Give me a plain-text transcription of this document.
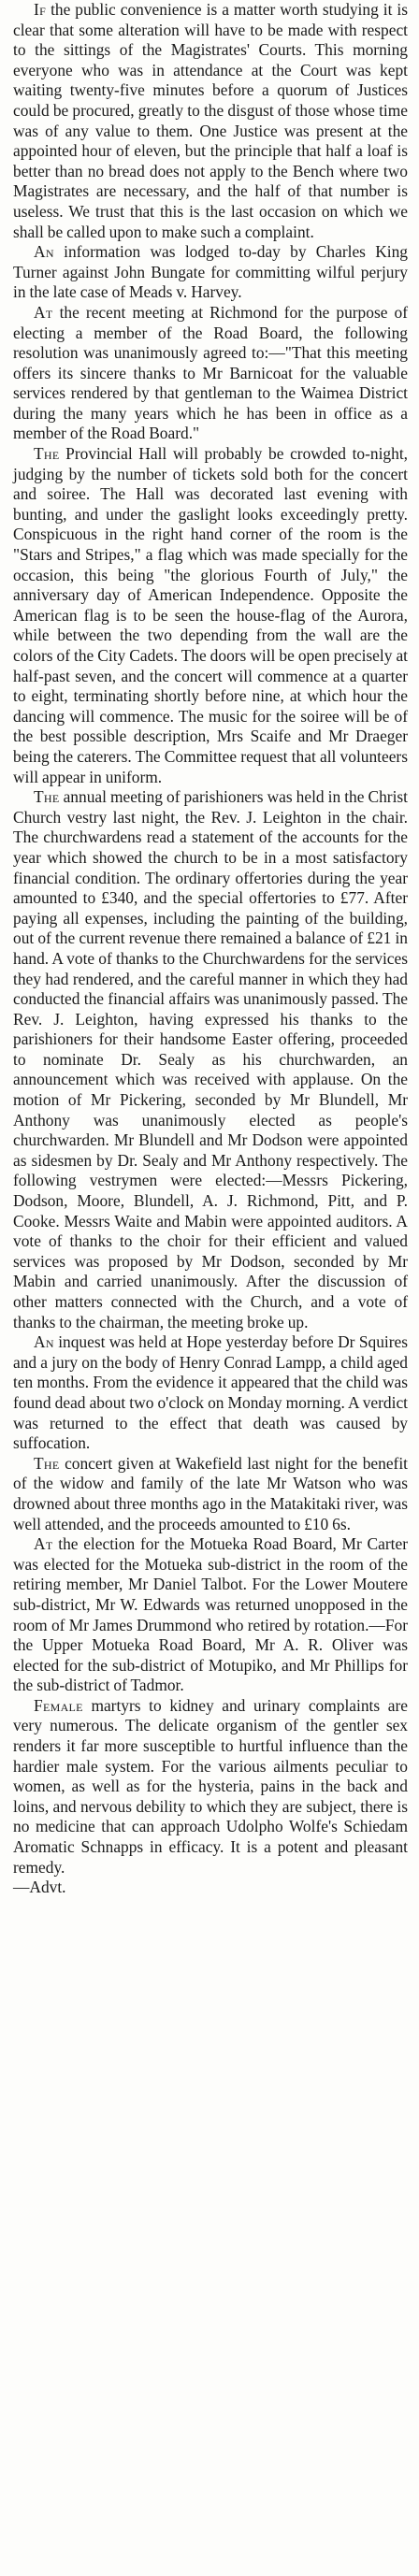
If the public convenience is a matter worth studying it is clear that some alteration will have to be made with respect to the sittings of the Magistrates' Courts. This morning everyone who was in attendance at the Court was kept waiting twenty-five minutes before a quorum of Justices could be procured, greatly to the disgust of those whose time was of any value to them. One Justice was present at the appointed hour of eleven, but the principle that half a loaf is better than no bread does not apply to the Bench where two Magistrates are necessary, and the half of that number is useless. We trust that this is the last occasion on which we shall be called upon to make such a complaint.

An information was lodged to-day by Charles King Turner against John Bungate for committing wilful perjury in the late case of Meads v. Harvey.

At the recent meeting at Richmond for the purpose of electing a member of the Road Board, the following resolution was unanimously agreed to:—"That this meeting offers its sincere thanks to Mr Barnicoat for the valuable services rendered by that gentleman to the Waimea District during the many years which he has been in office as a member of the Road Board."

The Provincial Hall will probably be crowded to-night, judging by the number of tickets sold both for the concert and soiree. The Hall was decorated last evening with bunting, and under the gaslight looks exceedingly pretty. Conspicuous in the right hand corner of the room is the "Stars and Stripes," a flag which was made specially for the occasion, this being "the glorious Fourth of July," the anniversary day of American Independence. Opposite the American flag is to be seen the house-flag of the Aurora, while between the two depending from the wall are the colors of the City Cadets. The doors will be open precisely at half-past seven, and the concert will commence at a quarter to eight, terminating shortly before nine, at which hour the dancing will commence. The music for the soiree will be of the best possible description, Mrs Scaife and Mr Draeger being the caterers. The Committee request that all volunteers will appear in uniform.

The annual meeting of parishioners was held in the Christ Church vestry last night, the Rev. J. Leighton in the chair. The churchwardens read a statement of the accounts for the year which showed the church to be in a most satisfactory financial condition. The ordinary offertories during the year amounted to £340, and the special offertories to £77. After paying all expenses, including the painting of the building, out of the current revenue there remained a balance of £21 in hand. A vote of thanks to the Churchwardens for the services they had rendered, and the careful manner in which they had conducted the financial affairs was unanimously passed. The Rev. J. Leighton, having expressed his thanks to the parishioners for their handsome Easter offering, proceeded to nominate Dr. Sealy as his churchwarden, an announcement which was received with applause. On the motion of Mr Pickering, seconded by Mr Blundell, Mr Anthony was unanimously elected as people's churchwarden. Mr Blundell and Mr Dodson were appointed as sidesmen by Dr. Sealy and Mr Anthony respectively. The following vestrymen were elected:—Messrs Pickering, Dodson, Moore, Blundell, A. J. Richmond, Pitt, and P. Cooke. Messrs Waite and Mabin were appointed auditors. A vote of thanks to the choir for their efficient and valued services was proposed by Mr Dodson, seconded by Mr Mabin and carried unanimously. After the discussion of other matters connected with the Church, and a vote of thanks to the chairman, the meeting broke up.

An inquest was held at Hope yesterday before Dr Squires and a jury on the body of Henry Conrad Lampp, a child aged ten months. From the evidence it appeared that the child was found dead about two o'clock on Monday morning. A verdict was returned to the effect that death was caused by suffocation.

The concert given at Wakefield last night for the benefit of the widow and family of the late Mr Watson who was drowned about three months ago in the Matakitaki river, was well attended, and the proceeds amounted to £10 6s.

At the election for the Motueka Road Board, Mr Carter was elected for the Motueka sub-district in the room of the retiring member, Mr Daniel Talbot. For the Lower Moutere sub-district, Mr W. Edwards was returned unopposed in the room of Mr James Drummond who retired by rotation.—For the Upper Motueka Road Board, Mr A. R. Oliver was elected for the sub-district of Motupiko, and Mr Phillips for the sub-district of Tadmor.

Female martyrs to kidney and urinary complaints are very numerous. The delicate organism of the gentler sex renders it far more susceptible to hurtful influence than the hardier male system. For the various ailments peculiar to women, as well as for the hysteria, pains in the back and loins, and nervous debility to which they are subject, there is no medicine that can approach Udolpho Wolfe's Schiedam Aromatic Schnapps in efficacy. It is a potent and pleasant remedy.

—Advt.
